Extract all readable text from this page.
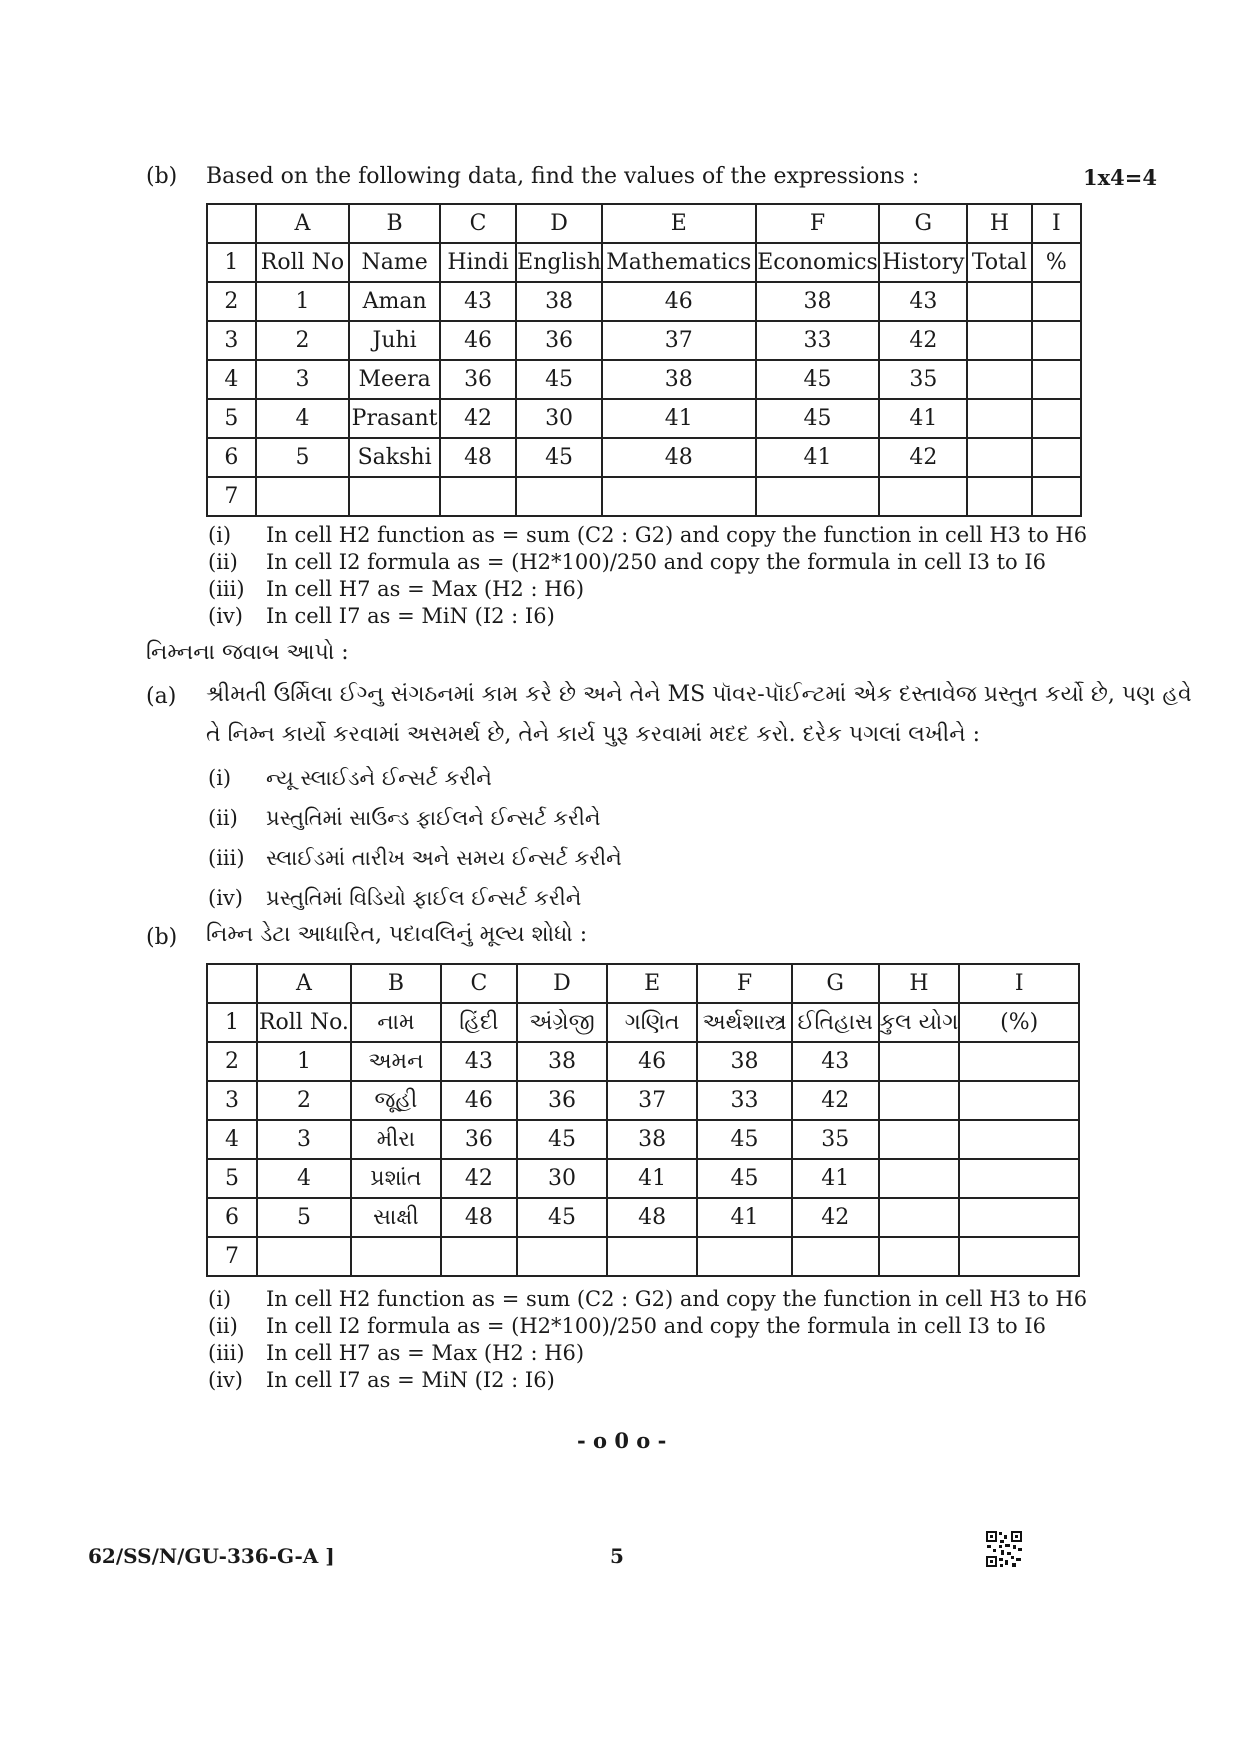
(b) Based on the following data, find the values of the expressions :	1x4=4
	A	B	C	D	E	F	G	H	I
1	Roll No	Name	Hindi	English	Mathematics	Economics	History	Total	%
2	1	Aman	43	38	46	38	43		
3	2	Juhi	46	36	37	33	42		
4	3	Meera	36	45	38	45	35		
5	4	Prasant	42	30	41	45	41		
6	5	Sakshi	48	45	48	41	42		
7									
(i)	In cell H2 function as = sum (C2 : G2) and copy the function in cell H3 to H6
(ii)	In cell I2 formula as = (H2*100)/250 and copy the formula in cell I3 to I6
(iii)	In cell H7 as = Max (H2 : H6)
(iv)	In cell I7 as = MiN (I2 : I6)
નિમ્નના જવાબ આપો :
(a) શ્રીમતી ઉર્મિલા ઈગ્નુ સંગઠનમાં કામ કરે છે અને તેને MS પૉવર-પૉઈન્ટમાં એક દસ્તાવેજ પ્રસ્તુત કર્યો છે, પણ હવે
તે નિમ્ન કાર્યો કરવામાં અસમર્થ છે, તેને કાર્ય પુરૂ કરવામાં મદદ કરો. દરેક પગલાં લખીને :
(i)	ન્યૂ સ્લાઈડને ઈન્સર્ટ કરીને
(ii)	પ્રસ્તુતિમાં સાઉન્ડ ફાઈલને ઈન્સર્ટ કરીને
(iii)	સ્લાઈડમાં તારીખ અને સમય ઈન્સર્ટ કરીને
(iv)	પ્રસ્તુતિમાં વિડિયો ફાઈલ ઈન્સર્ટ કરીને
(b) નિમ્ન ડેટા આધારિત, પદાવલિનું મૂલ્ય શોધો :
	A	B	C	D	E	F	G	H	I
1	Roll No.	નામ	હિંદી	અંગ્રેજી	ગણિત	અર્થશાસ્ત્ર	ઈતિહાસ	કુલ યોગ	(%)
2	1	અમન	43	38	46	38	43		
3	2	જૂહી	46	36	37	33	42		
4	3	મીરા	36	45	38	45	35		
5	4	પ્રશાંત	42	30	41	45	41		
6	5	સાક્ષી	48	45	48	41	42		
7									
(i)	In cell H2 function as = sum (C2 : G2) and copy the function in cell H3 to H6
(ii)	In cell I2 formula as = (H2*100)/250 and copy the formula in cell I3 to I6
(iii)	In cell H7 as = Max (H2 : H6)
(iv)	In cell I7 as = MiN (I2 : I6)
- o 0 o -
62/SS/N/GU-336-G-A ]	5
